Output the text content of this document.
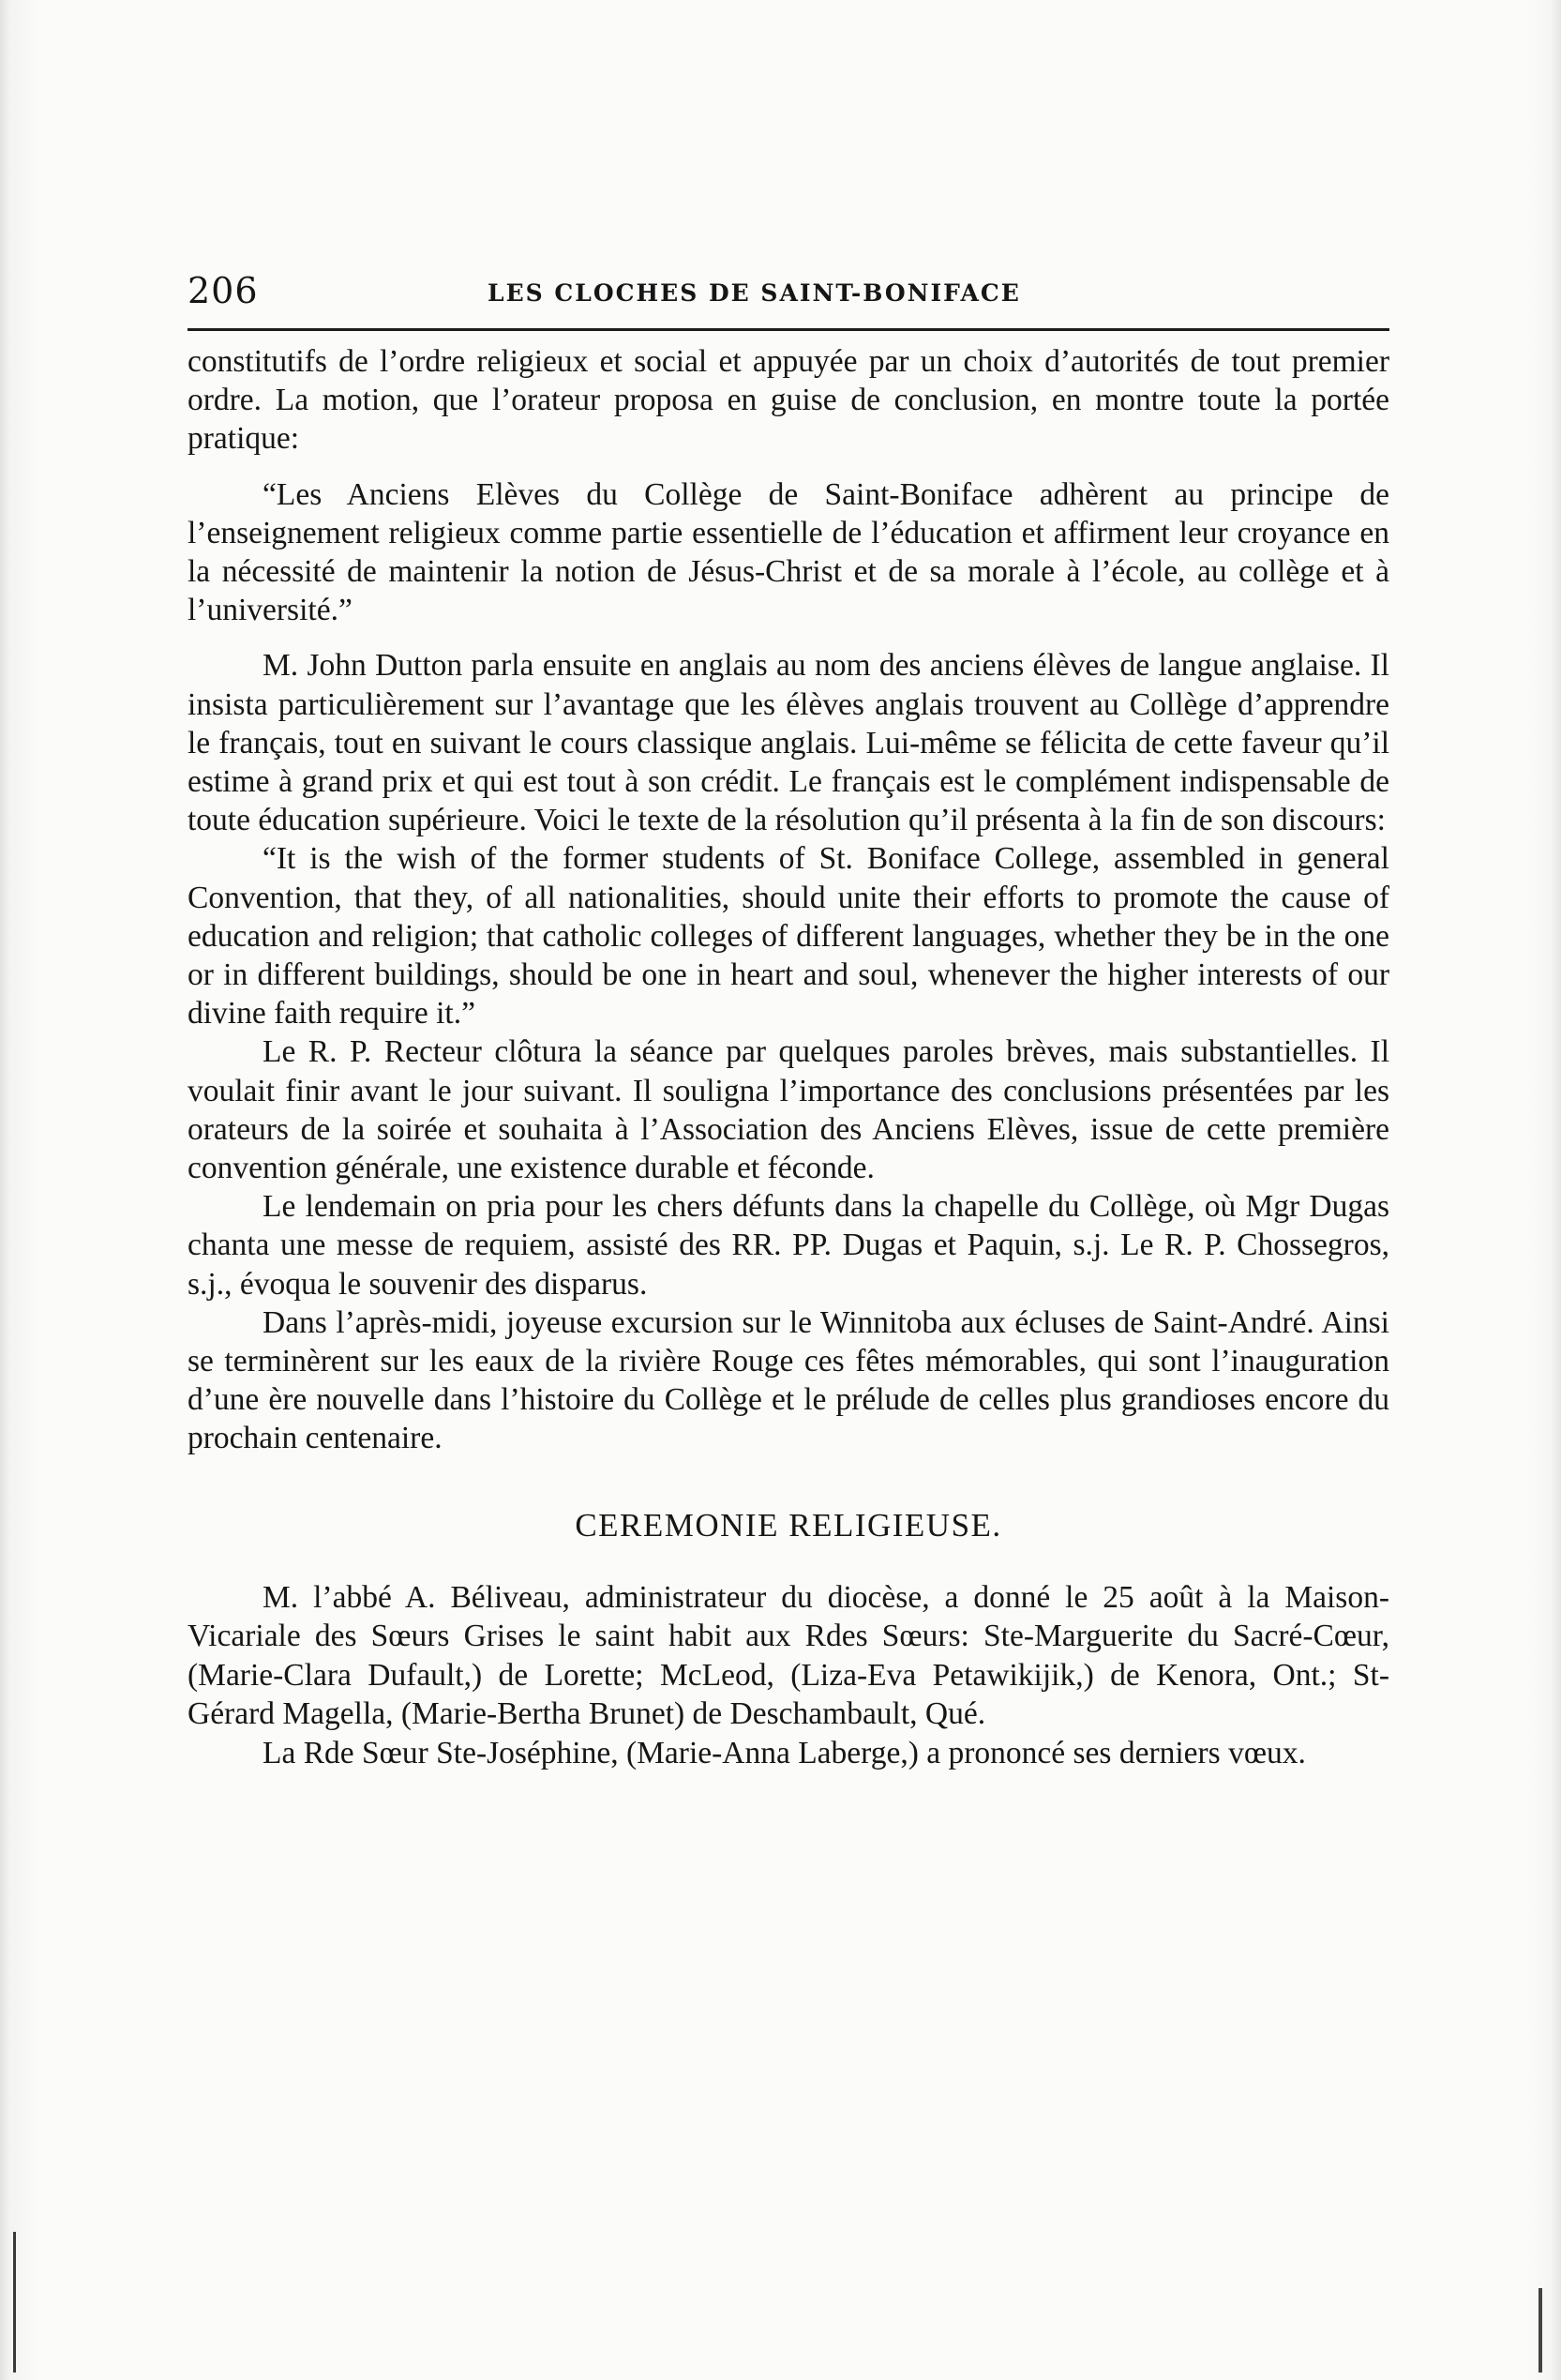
206	LES CLOCHES DE SAINT-BONIFACE

constitutifs de l’ordre religieux et social et appuyée par un choix d’autorités de tout premier ordre. La motion, que l’orateur proposa en guise de conclusion, en montre toute la portée pratique:

“Les Anciens Elèves du Collège de Saint-Boniface adhèrent au principe de l’enseignement religieux comme partie essentielle de l’éducation et affirment leur croyance en la nécessité de maintenir la notion de Jésus-Christ et de sa morale à l’école, au collège et à l’université.”

M. John Dutton parla ensuite en anglais au nom des anciens élèves de langue anglaise. Il insista particulièrement sur l’avantage que les élèves anglais trouvent au Collège d’apprendre le français, tout en suivant le cours classique anglais. Lui-même se félicita de cette faveur qu’il estime à grand prix et qui est tout à son crédit. Le français est le complément indispensable de toute éducation supérieure. Voici le texte de la résolution qu’il présenta à la fin de son discours:

“It is the wish of the former students of St. Boniface College, assembled in general Convention, that they, of all nationalities, should unite their efforts to promote the cause of education and religion; that catholic colleges of different languages, whether they be in the one or in different buildings, should be one in heart and soul, whenever the higher interests of our divine faith require it.”

Le R. P. Recteur clôtura la séance par quelques paroles brèves, mais substantielles. Il voulait finir avant le jour suivant. Il souligna l’importance des conclusions présentées par les orateurs de la soirée et souhaita à l’Association des Anciens Elèves, issue de cette première convention générale, une existence durable et féconde.

Le lendemain on pria pour les chers défunts dans la chapelle du Collège, où Mgr Dugas chanta une messe de requiem, assisté des RR. PP. Dugas et Paquin, s.j. Le R. P. Chossegros, s.j., évoqua le souvenir des disparus.

Dans l’après-midi, joyeuse excursion sur le Winnitoba aux écluses de Saint-André. Ainsi se terminèrent sur les eaux de la rivière Rouge ces fêtes mémorables, qui sont l’inauguration d’une ère nouvelle dans l’histoire du Collège et le prélude de celles plus grandioses encore du prochain centenaire.

CEREMONIE RELIGIEUSE.

M. l’abbé A. Béliveau, administrateur du diocèse, a donné le 25 août à la Maison-Vicariale des Sœurs Grises le saint habit aux Rdes Sœurs: Ste-Marguerite du Sacré-Cœur, (Marie-Clara Dufault,) de Lorette; McLeod, (Liza-Eva Petawikijik,) de Kenora, Ont.; St-Gérard Magella, (Marie-Bertha Brunet) de Deschambault, Qué.

La Rde Sœur Ste-Joséphine, (Marie-Anna Laberge,) a prononcé ses derniers vœux.
